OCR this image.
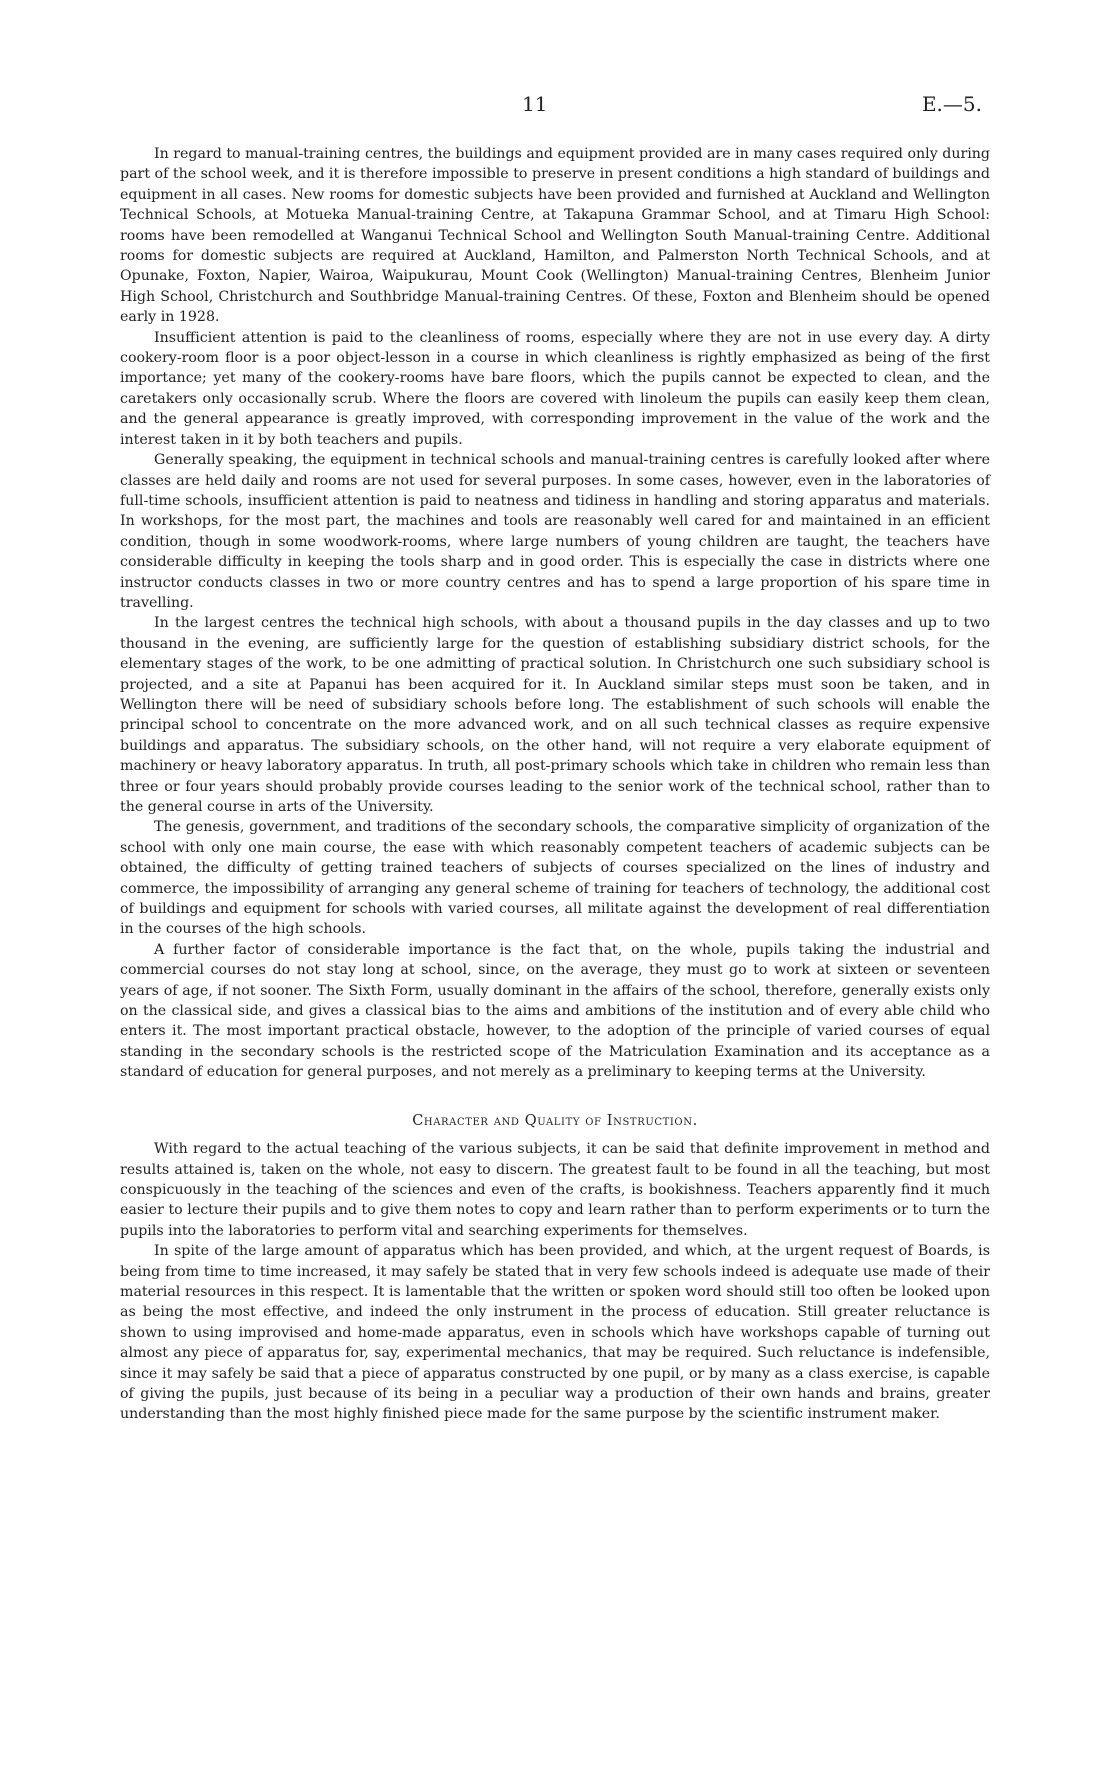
11	E.—5.

In regard to manual-training centres, the buildings and equipment provided are in many cases required only during part of the school week, and it is therefore impossible to preserve in present conditions a high standard of buildings and equipment in all cases. New rooms for domestic subjects have been provided and furnished at Auckland and Wellington Technical Schools, at Motueka Manual-training Centre, at Takapuna Grammar School, and at Timaru High School: rooms have been remodelled at Wanganui Technical School and Wellington South Manual-training Centre. Additional rooms for domestic subjects are required at Auckland, Hamilton, and Palmerston North Technical Schools, and at Opunake, Foxton, Napier, Wairoa, Waipukurau, Mount Cook (Wellington) Manual-training Centres, Blenheim Junior High School, Christchurch and Southbridge Manual-training Centres. Of these, Foxton and Blenheim should be opened early in 1928.

Insufficient attention is paid to the cleanliness of rooms, especially where they are not in use every day. A dirty cookery-room floor is a poor object-lesson in a course in which cleanliness is rightly emphasized as being of the first importance; yet many of the cookery-rooms have bare floors, which the pupils cannot be expected to clean, and the caretakers only occasionally scrub. Where the floors are covered with linoleum the pupils can easily keep them clean, and the general appearance is greatly improved, with corresponding improvement in the value of the work and the interest taken in it by both teachers and pupils.

Generally speaking, the equipment in technical schools and manual-training centres is carefully looked after where classes are held daily and rooms are not used for several purposes. In some cases, however, even in the laboratories of full-time schools, insufficient attention is paid to neatness and tidiness in handling and storing apparatus and materials. In workshops, for the most part, the machines and tools are reasonably well cared for and maintained in an efficient condition, though in some woodwork-rooms, where large numbers of young children are taught, the teachers have considerable difficulty in keeping the tools sharp and in good order. This is especially the case in districts where one instructor conducts classes in two or more country centres and has to spend a large proportion of his spare time in travelling.

In the largest centres the technical high schools, with about a thousand pupils in the day classes and up to two thousand in the evening, are sufficiently large for the question of establishing subsidiary district schools, for the elementary stages of the work, to be one admitting of practical solution. In Christchurch one such subsidiary school is projected, and a site at Papanui has been acquired for it. In Auckland similar steps must soon be taken, and in Wellington there will be need of subsidiary schools before long. The establishment of such schools will enable the principal school to concentrate on the more advanced work, and on all such technical classes as require expensive buildings and apparatus. The subsidiary schools, on the other hand, will not require a very elaborate equipment of machinery or heavy laboratory apparatus. In truth, all post-primary schools which take in children who remain less than three or four years should probably provide courses leading to the senior work of the technical school, rather than to the general course in arts of the University.

The genesis, government, and traditions of the secondary schools, the comparative simplicity of organization of the school with only one main course, the ease with which reasonably competent teachers of academic subjects can be obtained, the difficulty of getting trained teachers of subjects of courses specialized on the lines of industry and commerce, the impossibility of arranging any general scheme of training for teachers of technology, the additional cost of buildings and equipment for schools with varied courses, all militate against the development of real differentiation in the courses of the high schools.

A further factor of considerable importance is the fact that, on the whole, pupils taking the industrial and commercial courses do not stay long at school, since, on the average, they must go to work at sixteen or seventeen years of age, if not sooner. The Sixth Form, usually dominant in the affairs of the school, therefore, generally exists only on the classical side, and gives a classical bias to the aims and ambitions of the institution and of every able child who enters it. The most important practical obstacle, however, to the adoption of the principle of varied courses of equal standing in the secondary schools is the restricted scope of the Matriculation Examination and its acceptance as a standard of education for general purposes, and not merely as a preliminary to keeping terms at the University.

Character and Quality of Instruction.

With regard to the actual teaching of the various subjects, it can be said that definite improvement in method and results attained is, taken on the whole, not easy to discern. The greatest fault to be found in all the teaching, but most conspicuously in the teaching of the sciences and even of the crafts, is bookishness. Teachers apparently find it much easier to lecture their pupils and to give them notes to copy and learn rather than to perform experiments or to turn the pupils into the laboratories to perform vital and searching experiments for themselves.

In spite of the large amount of apparatus which has been provided, and which, at the urgent request of Boards, is being from time to time increased, it may safely be stated that in very few schools indeed is adequate use made of their material resources in this respect. It is lamentable that the written or spoken word should still too often be looked upon as being the most effective, and indeed the only instrument in the process of education. Still greater reluctance is shown to using improvised and home-made apparatus, even in schools which have workshops capable of turning out almost any piece of apparatus for, say, experimental mechanics, that may be required. Such reluctance is indefensible, since it may safely be said that a piece of apparatus constructed by one pupil, or by many as a class exercise, is capable of giving the pupils, just because of its being in a peculiar way a production of their own hands and brains, greater understanding than the most highly finished piece made for the same purpose by the scientific instrument maker.
